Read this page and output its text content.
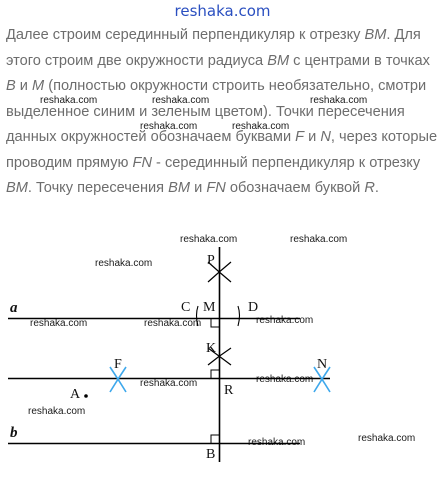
reshaka.com

Далее строим серединный перпендикуляр к отрезку BM. Для этого строим две окружности радиуса BM с центрами в точках B и M (полностью окружности строить необязательно, смотри выделенное синим и зеленым цветом). Точки пересечения данных окружностей обозначаем буквами F и N, через которые проводим прямую FN - серединный перпендикуляр к отрезку BM. Точку пересечения BM и FN обозначаем буквой R.

reshaka.com	reshaka.com	reshaka.com
reshaka.com	reshaka.com
reshaka.com	reshaka.com
reshaka.com
reshaka.com	reshaka.com	reshaka.com
reshaka.com	reshaka.com
reshaka.com
reshaka.com	reshaka.com
P
C M D
K
F	N
A	R
B
a
b
